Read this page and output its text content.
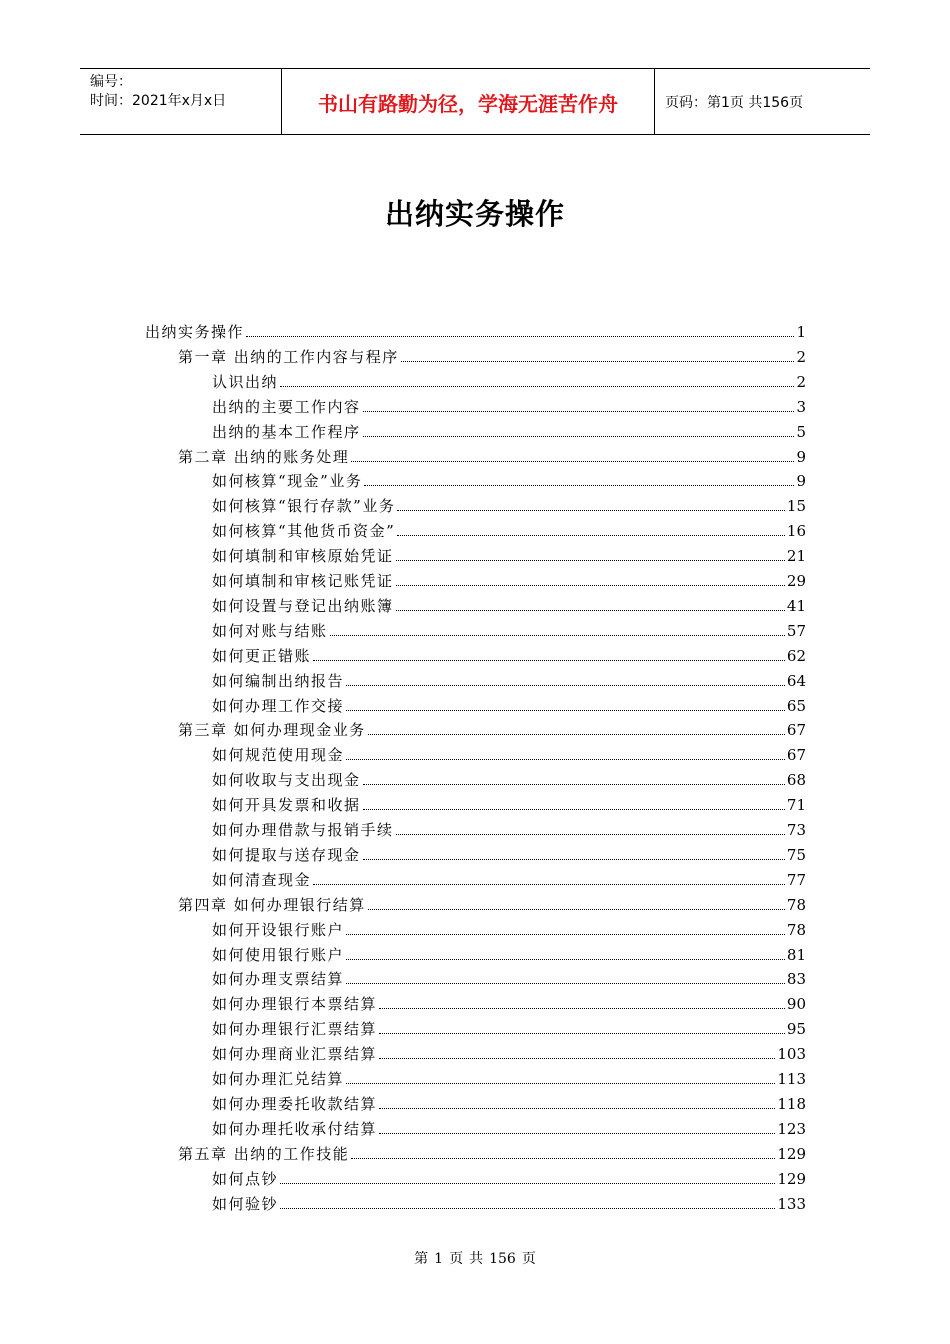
编号：
时间：2021年x月x日	书山有路勤为径，学海无涯苦作舟	页码：第1页 共156页
出纳实务操作
出纳实务操作	1
第一章 出纳的工作内容与程序	2
认识出纳	2
出纳的主要工作内容	3
出纳的基本工作程序	5
第二章 出纳的账务处理	9
如何核算“现金”业务	9
如何核算“银行存款”业务	15
如何核算“其他货币资金”	16
如何填制和审核原始凭证	21
如何填制和审核记账凭证	29
如何设置与登记出纳账簿	41
如何对账与结账	57
如何更正错账	62
如何编制出纳报告	64
如何办理工作交接	65
第三章 如何办理现金业务	67
如何规范使用现金	67
如何收取与支出现金	68
如何开具发票和收据	71
如何办理借款与报销手续	73
如何提取与送存现金	75
如何清查现金	77
第四章 如何办理银行结算	78
如何开设银行账户	78
如何使用银行账户	81
如何办理支票结算	83
如何办理银行本票结算	90
如何办理银行汇票结算	95
如何办理商业汇票结算	103
如何办理汇兑结算	113
如何办理委托收款结算	118
如何办理托收承付结算	123
第五章 出纳的工作技能	129
如何点钞	129
如何验钞	133
第 1 页 共 156 页
